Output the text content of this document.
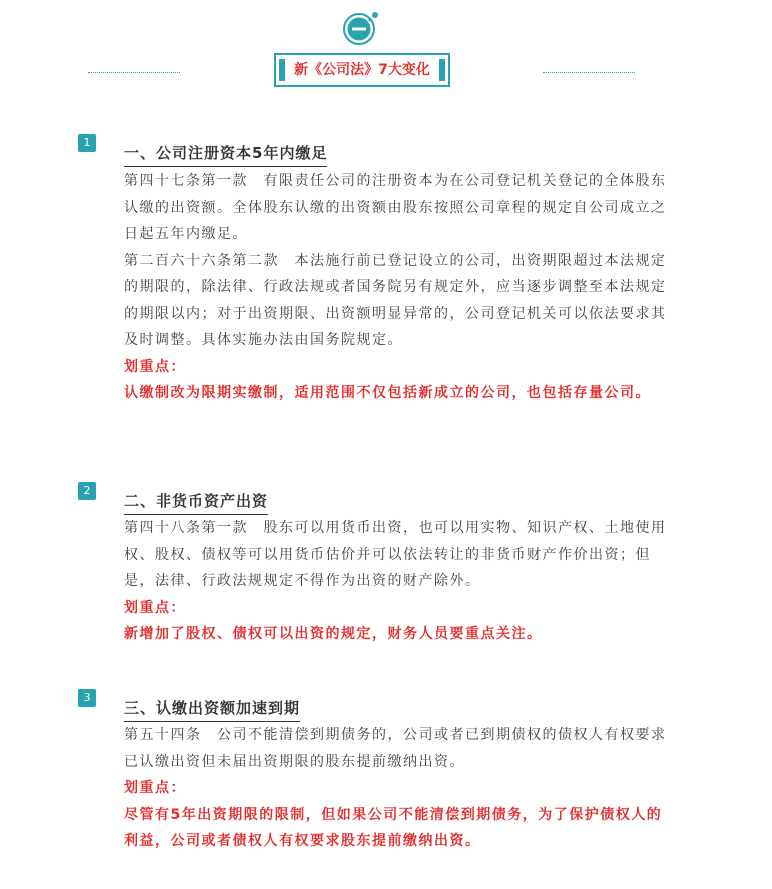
新《公司法》7大变化
1
一、公司注册资本5年内缴足

第四十七条第一款　有限责任公司的注册资本为在公司登记机关登记的全体股东认缴的出资额。全体股东认缴的出资额由股东按照公司章程的规定自公司成立之日起五年内缴足。

第二百六十六条第二款　本法施行前已登记设立的公司，出资期限超过本法规定的期限的，除法律、行政法规或者国务院另有规定外，应当逐步调整至本法规定的期限以内；对于出资期限、出资额明显异常的，公司登记机关可以依法要求其及时调整。具体实施办法由国务院规定。

划重点：

认缴制改为限期实缴制，适用范围不仅包括新成立的公司，也包括存量公司。

2
二、非货币资产出资

第四十八条第一款　股东可以用货币出资，也可以用实物、知识产权、土地使用权、股权、债权等可以用货币估价并可以依法转让的非货币财产作价出资；但是，法律、行政法规规定不得作为出资的财产除外。

划重点：

新增加了股权、债权可以出资的规定，财务人员要重点关注。

3
三、认缴出资额加速到期

第五十四条　公司不能清偿到期债务的，公司或者已到期债权的债权人有权要求已认缴出资但未届出资期限的股东提前缴纳出资。

划重点：

尽管有5年出资期限的限制，但如果公司不能清偿到期债务，为了保护债权人的利益，公司或者债权人有权要求股东提前缴纳出资。
